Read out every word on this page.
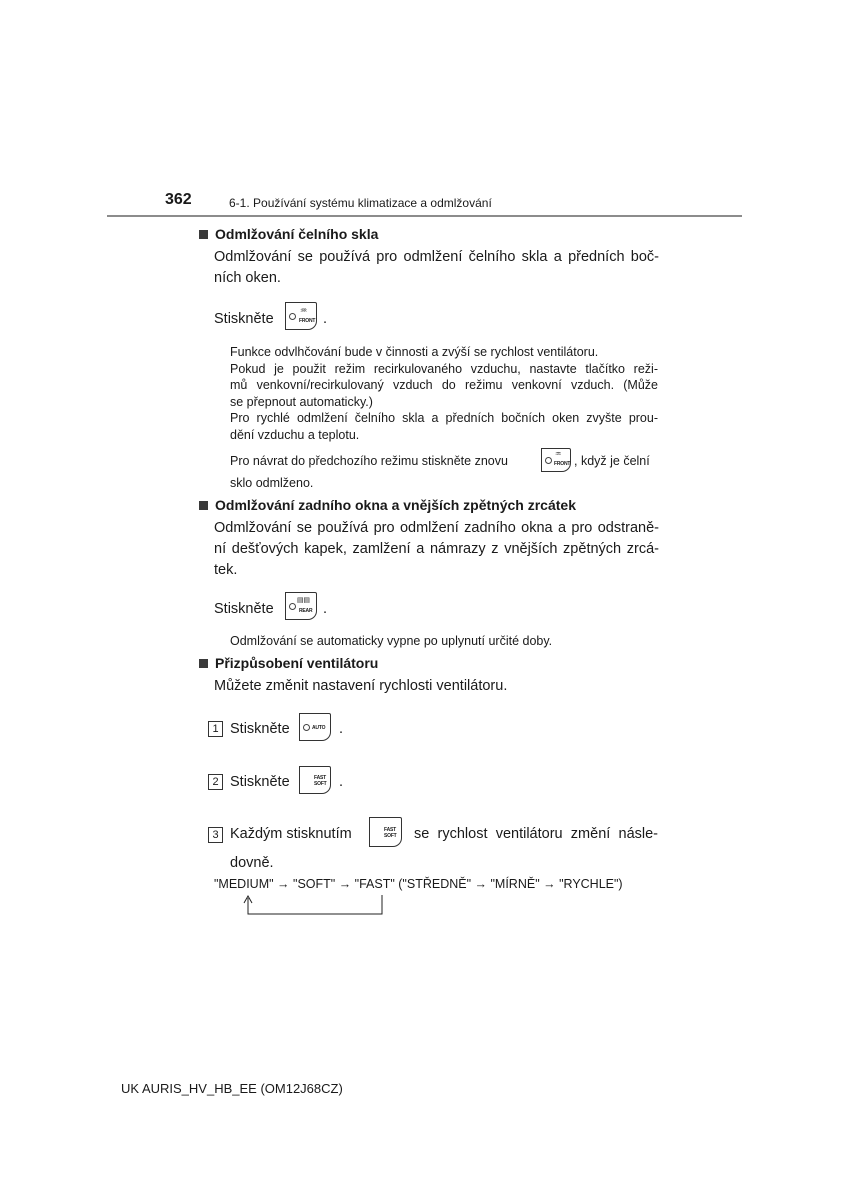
362	6-1. Používání systému klimatizace a odmlžování
Odmlžování čelního skla
Odmlžování se používá pro odmlžení čelního skla a předních boč-
ních oken.
Stiskněte
♒
FRONT .
Funkce odvlhčování bude v činnosti a zvýší se rychlost ventilátoru.
Pokud je použit režim recirkulovaného vzduchu, nastavte tlačítko reži-
mů venkovní/recirkulovaný vzduch do režimu venkovní vzduch. (Může
se přepnout automaticky.)
Pro rychlé odmlžení čelního skla a předních bočních oken zvyšte prou-
dění vzduchu a teplotu.
Pro návrat do předchozího režimu stiskněte znovu	♒
FRONT , když je čelní
sklo odmlženo.
Odmlžování zadního okna a vnějších zpětných zrcátek
Odmlžování se používá pro odmlžení zadního okna a pro odstraně-
ní dešťových kapek, zamlžení a námrazy z vnějších zpětných zrcá-
tek.
Stiskněte
▤▤
REAR .
Odmlžování se automaticky vypne po uplynutí určité doby.
Přizpůsobení ventilátoru
Můžete změnit nastavení rychlosti ventilátoru.
1 Stiskněte	AUTO .
2 Stiskněte	FAST
SOFT .
3 Každým stisknutím	FAST
SOFT se rychlost ventilátoru změní násle-
dovně.
"MEDIUM" → "SOFT" → "FAST" ("STŘEDNĚ" → "MÍRNĚ" → "RYCHLE")
UK AURIS_HV_HB_EE (OM12J68CZ)
